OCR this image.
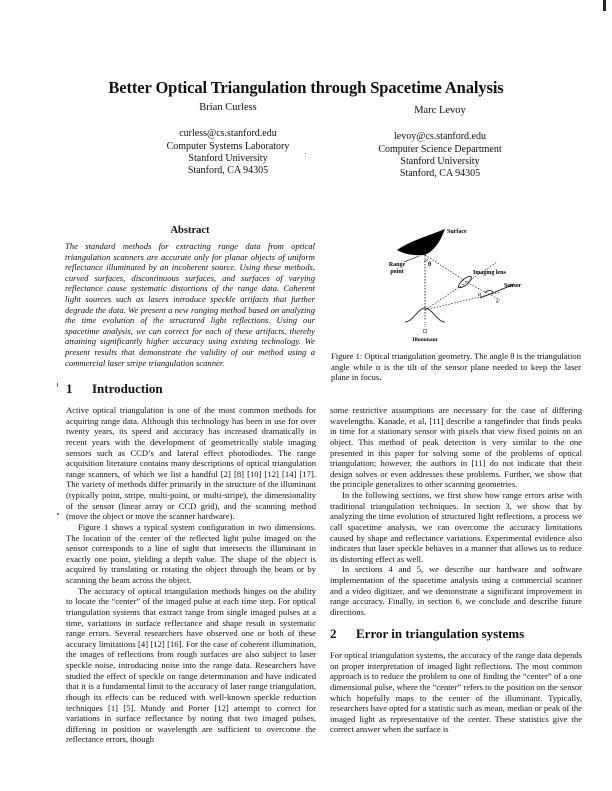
Better Optical Triangulation through Spacetime Analysis
Brian Curless
curless@cs.stanford.edu
Computer Systems Laboratory
Stanford University
Stanford, CA 94305
Marc Levoy
levoy@cs.stanford.edu
Computer Science Department
Stanford University
Stanford, CA 94305
Abstract
The standard methods for extracting range data from optical triangulation scanners are accurate only for planar objects of uniform reflectance illuminated by an incoherent source. Using these methods, curved surfaces, discontinuous surfaces, and surfaces of varying reflectance cause systematic distortions of the range data. Coherent light sources such as lasers introduce speckle artifacts that further degrade the data. We present a new ranging method based on analyzing the time evolution of the structured light reflections. Using our spacetime analysis, we can correct for each of these artifacts, thereby attaining significantly higher accuracy using existing technology. We present results that demonstrate the validity of our method using a commercial laser stripe triangulation scanner.
Surface
Imaging lens
Sensor
α
d
Range
point
θ
Illuminant
Figure 1: Optical triangulation geometry. The angle θ is the triangulation angle while α is the tilt of the sensor plane needed to keep the laser plane in focus.
1 Introduction

Active optical triangulation is one of the most common methods for acquiring range data. Although this technology has been in use for over twenty years, its speed and accuracy has increased dramatically in recent years with the development of geometrically stable imaging sensors such as CCD’s and lateral effect photodiodes. The range acquisition literature contains many descriptions of optical triangulation range scanners, of which we list a handful [2] [8] [10] [12] [14] [17]. The variety of methods differ primarily in the structure of the illuminant (typically point, stripe, multi-point, or multi-stripe), the dimensionality of the sensor (linear array or CCD grid), and the scanning method (move the object or move the scanner hardware).

Figure 1 shows a typical system configuration in two dimensions. The location of the center of the reflected light pulse imaged on the sensor corresponds to a line of sight that intersects the illuminant in exactly one point, yielding a depth value. The shape of the object is acquired by translating or rotating the object through the beam or by scanning the beam across the object.

The accuracy of optical triangulation methods hinges on the ability to locate the “center” of the imaged pulse at each time step. For optical triangulation systems that extract range from single imaged pulses at a time, variations in surface reflectance and shape result in systematic range errors. Several researchers have observed one or both of these accuracy limitations [4] [12] [16]. For the case of coherent illumination, the images of reflections from rough surfaces are also subject to laser speckle noise, introducing noise into the range data. Researchers have studied the effect of speckle on range determination and have indicated that it is a fundamental limit to the accuracy of laser range triangulation, though its effects can be reduced with well-known speckle reduction techniques [1] [5]. Mundy and Porter [12] attempt to correct for variations in surface reflectance by noting that two imaged pulses, differing in position or wavelength are sufficient to overcome the reflectance errors, though

some restrictive assumptions are necessary for the case of differing wavelengths. Kanade, et al, [11] describe a rangefinder that finds peaks in time for a stationary sensor with pixels that view fixed points on an object. This method of peak detection is very similar to the one presented in this paper for solving some of the problems of optical triangulation; however, the authors in [11] do not indicate that their design solves or even addresses these problems. Further, we show that the principle generalizes to other scanning geometries.

In the following sections, we first show how range errors arise with traditional triangulation techniques. In section 3, we show that by analyzing the time evolution of structured light reflections, a process we call spacetime analysis, we can overcome the accuracy limitations caused by shape and reflectance variations. Experimental evidence also indicates that laser speckle behaves in a manner that allows us to reduce its distorting effect as well.

In sections 4 and 5, we describe our hardware and software implementation of the spacetime analysis using a commercial scanner and a video digitizer, and we demonstrate a significant improvement in range accuracy. Finally, in section 6, we conclude and describe future directions.

2 Error in triangulation systems

For optical triangulation systems, the accuracy of the range data depends on proper interpretation of imaged light reflections. The most common approach is to reduce the problem to one of finding the “center” of a one dimensional pulse, where the “center” refers to the position on the sensor which hopefully maps to the center of the illuminant. Typically, researchers have opted for a statistic such as mean, median or peak of the imaged light as representative of the center. These statistics give the correct answer when the surface is
